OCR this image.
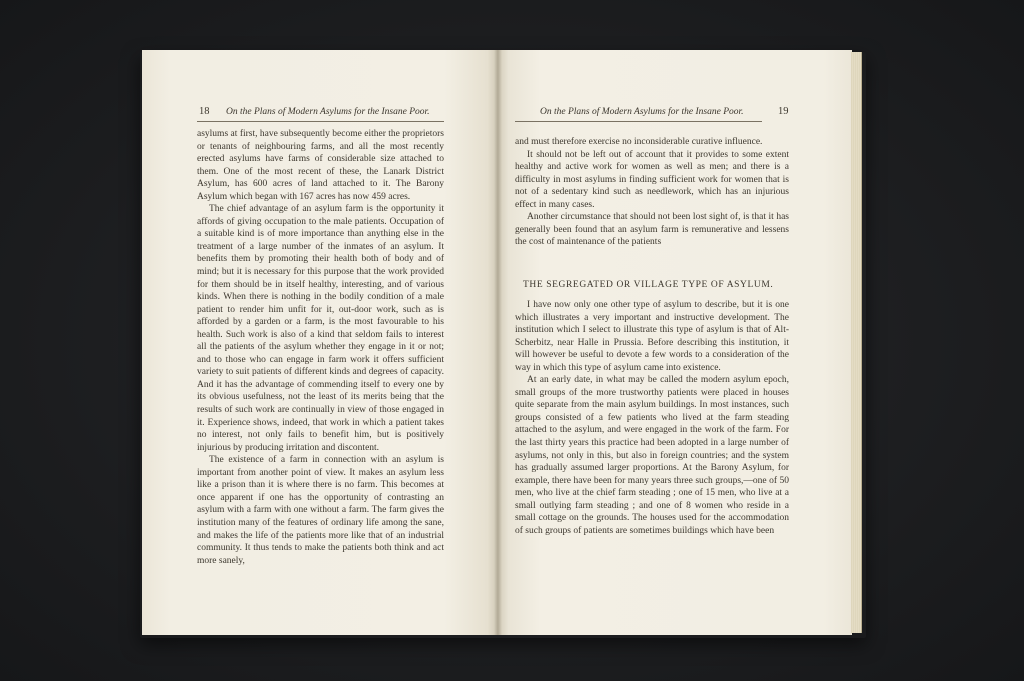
18 On the Plans of Modern Asylums for the Insane Poor.

asylums at first, have subsequently become either the proprietors or tenants of neighbouring farms, and all the most recently erected asylums have farms of considerable size attached to them. One of the most recent of these, the Lanark District Asylum, has 600 acres of land attached to it. The Barony Asylum which began with 167 acres has now 459 acres.

The chief advantage of an asylum farm is the opportunity it affords of giving occupation to the male patients. Occupation of a suitable kind is of more importance than anything else in the treatment of a large number of the inmates of an asylum. It benefits them by promoting their health both of body and of mind; but it is necessary for this purpose that the work provided for them should be in itself healthy, interesting, and of various kinds. When there is nothing in the bodily condition of a male patient to render him unfit for it, out-door work, such as is afforded by a garden or a farm, is the most favourable to his health. Such work is also of a kind that seldom fails to interest all the patients of the asylum whether they engage in it or not; and to those who can engage in farm work it offers sufficient variety to suit patients of different kinds and degrees of capacity. And it has the advantage of commending itself to every one by its obvious usefulness, not the least of its merits being that the results of such work are continually in view of those engaged in it. Experience shows, indeed, that work in which a patient takes no interest, not only fails to benefit him, but is positively injurious by producing irritation and discontent.

The existence of a farm in connection with an asylum is important from another point of view. It makes an asylum less like a prison than it is where there is no farm. This becomes at once apparent if one has the opportunity of contrasting an asylum with a farm with one without a farm. The farm gives the institution many of the features of ordinary life among the sane, and makes the life of the patients more like that of an industrial community. It thus tends to make the patients both think and act more sanely,

On the Plans of Modern Asylums for the Insane Poor.	19

and must therefore exercise no inconsiderable curative influence.

It should not be left out of account that it provides to some extent healthy and active work for women as well as men; and there is a difficulty in most asylums in finding sufficient work for women that is not of a sedentary kind such as needlework, which has an injurious effect in many cases.

Another circumstance that should not been lost sight of, is that it has generally been found that an asylum farm is remunerative and lessens the cost of maintenance of the patients

THE SEGREGATED OR VILLAGE TYPE OF ASYLUM.

I have now only one other type of asylum to describe, but it is one which illustrates a very important and instructive development. The institution which I select to illustrate this type of asylum is that of Alt-Scherbitz, near Halle in Prussia. Before describing this institution, it will however be useful to devote a few words to a consideration of the way in which this type of asylum came into existence.

At an early date, in what may be called the modern asylum epoch, small groups of the more trustworthy patients were placed in houses quite separate from the main asylum buildings. In most instances, such groups consisted of a few patients who lived at the farm steading attached to the asylum, and were engaged in the work of the farm. For the last thirty years this practice had been adopted in a large number of asylums, not only in this, but also in foreign countries; and the system has gradually assumed larger proportions. At the Barony Asylum, for example, there have been for many years three such groups,—one of 50 men, who live at the chief farm steading ; one of 15 men, who live at a small outlying farm steading ; and one of 8 women who reside in a small cottage on the grounds. The houses used for the accommodation of such groups of patients are sometimes buildings which have been
